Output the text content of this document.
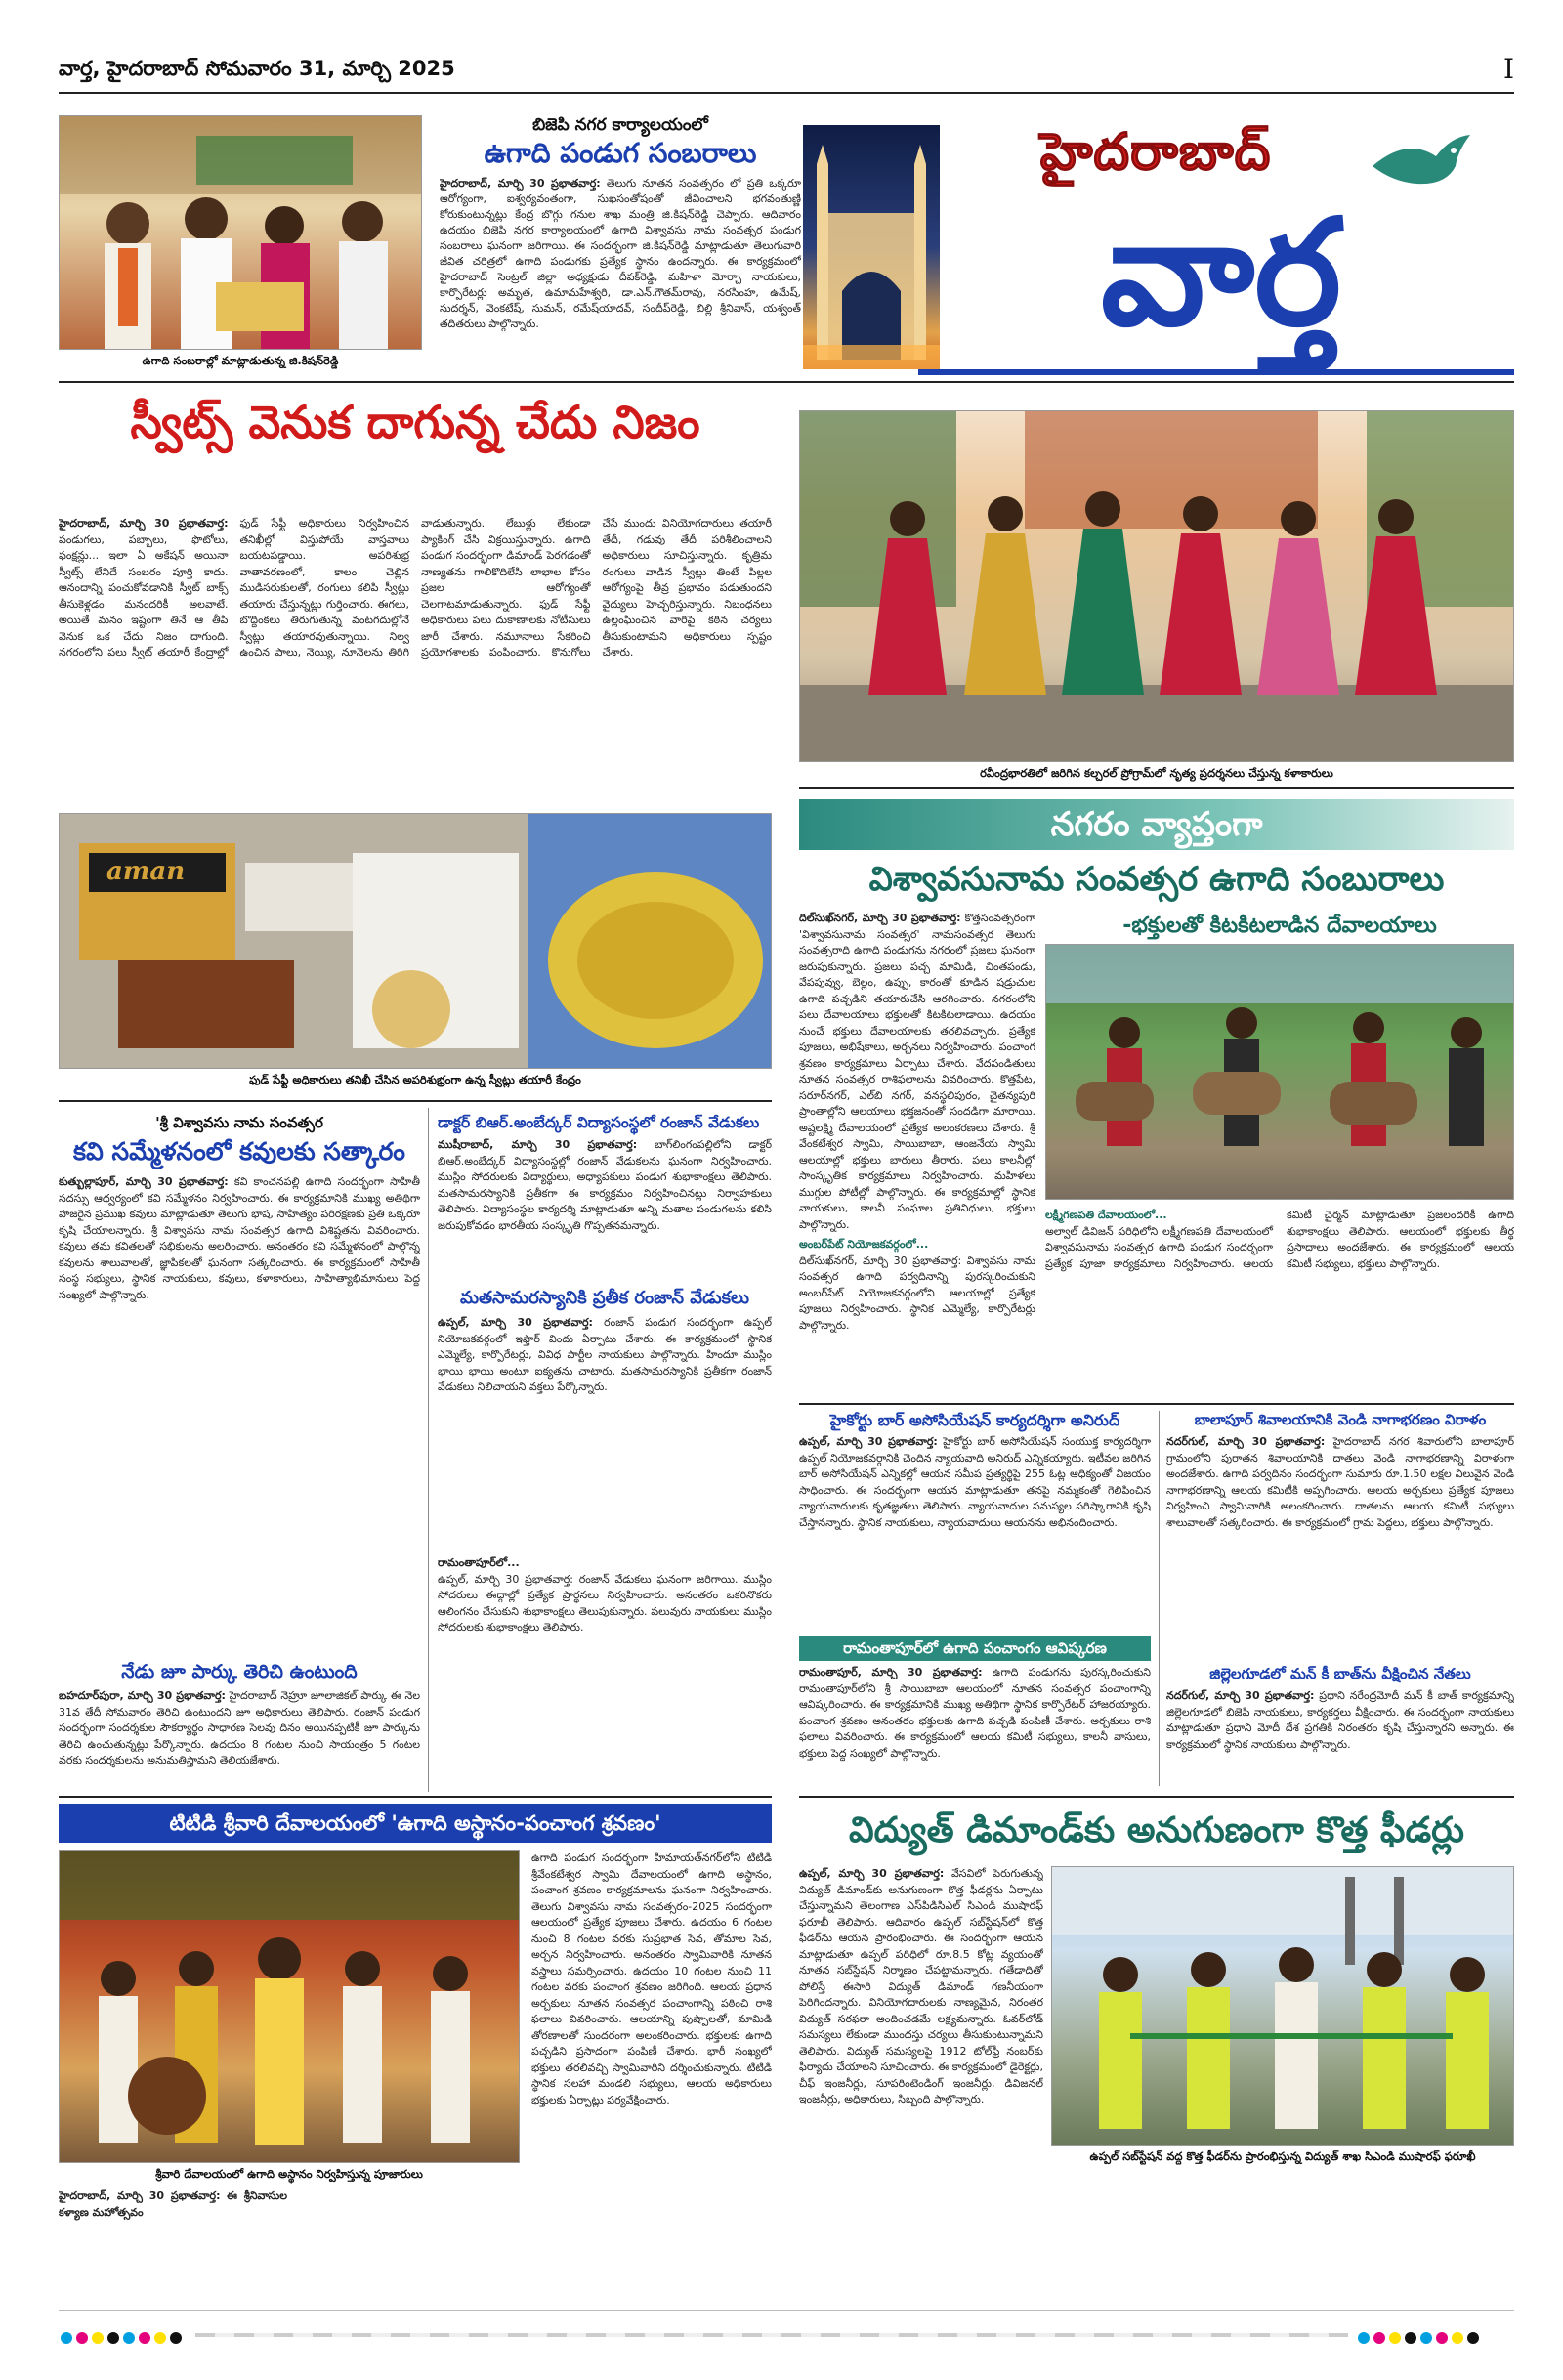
వార్త, హైదరాబాద్ సోమవారం 31, మార్చి 2025	I
ఉగాది సంబరాల్లో మాట్లాడుతున్న జి.కిషన్‌రెడ్డి
బిజెపి నగర కార్యాలయంలో
ఉగాది పండుగ సంబరాలు
హైదరాబాద్, మార్చి 30 ప్రభాతవార్త: తెలుగు నూతన సంవత్సరం లో ప్రతి ఒక్కరూ ఆరోగ్యంగా, ఐశ్వర్యవంతంగా, సుఖసంతోషంతో జీవించాలని భగవంతుణ్ణి కోరుకుంటున్నట్లు కేంద్ర బొగ్గు గనుల శాఖ మంత్రి జి.కిషన్‌రెడ్డి చెప్పారు. ఆదివారం ఉదయం బిజెపి నగర కార్యాలయంలో ఉగాది విశ్వావసు నామ సంవత్సర పండుగ సంబరాలు ఘనంగా జరిగాయి. ఈ సందర్భంగా జి.కిషన్‌రెడ్డి మాట్లాడుతూ తెలుగువారి జీవిత చరిత్రలో ఉగాది పండుగకు ప్రత్యేక స్థానం ఉందన్నారు. ఈ కార్యక్రమంలో హైదరాబాద్ సెంట్రల్ జిల్లా అధ్యక్షుడు దీపక్‌రెడ్డి, మహిళా మోర్చా నాయకులు, కార్పొరేటర్లు అమృత, ఉమామహేశ్వరి, డా.ఎన్.గౌతమ్‌రావు, నరసింహ, ఉమేష్, సుదర్శన్, వెంకటేష్, సుమన్, రమేష్‌యాదవ్, సందీప్‌రెడ్డి, బిల్లి శ్రీనివాస్, యశ్వంత్ తదితరులు పాల్గొన్నారు.
హైదరాబాద్
వార్త
స్వీట్స్ వెనుక దాగున్న చేదు నిజం
హైదరాబాద్, మార్చి 30 ప్రభాతవార్త: పండుగలు, పబ్బాలు, ఫొటోలు, ఫంక్షన్లు... ఇలా ఏ అకేషన్ అయినా స్వీట్స్ లేనిదే సంబరం పూర్తి కాదు. ఆనందాన్ని పంచుకోవడానికి స్వీట్ బాక్స్ తీసుకెళ్లడం మనందరికీ అలవాటే. అయితే మనం ఇష్టంగా తినే ఆ తీపి వెనుక ఒక చేదు నిజం దాగుంది. నగరంలోని పలు స్వీట్ తయారీ కేంద్రాల్లో ఫుడ్ సేఫ్టీ అధికారులు నిర్వహించిన తనిఖీల్లో విస్తుపోయే వాస్తవాలు బయటపడ్డాయి. అపరిశుభ్ర వాతావరణంలో, కాలం చెల్లిన ముడిసరుకులతో, రంగులు కలిపి స్వీట్లు తయారు చేస్తున్నట్లు గుర్తించారు. ఈగలు, బొద్దింకలు తిరుగుతున్న వంటగదుల్లోనే స్వీట్లు తయారవుతున్నాయి. నిల్వ ఉంచిన పాలు, నెయ్యి, నూనెలను తిరిగి వాడుతున్నారు. లేబుళ్లు లేకుండా ప్యాకింగ్ చేసి విక్రయిస్తున్నారు. ఉగాది పండుగ సందర్భంగా డిమాండ్ పెరగడంతో నాణ్యతను గాలికొదిలేసి లాభాల కోసం ప్రజల ఆరోగ్యంతో చెలగాటమాడుతున్నారు. ఫుడ్ సేఫ్టీ అధికారులు పలు దుకాణాలకు నోటీసులు జారీ చేశారు. నమూనాలు సేకరించి ప్రయోగశాలకు పంపించారు. కొనుగోలు చేసే ముందు వినియోగదారులు తయారీ తేదీ, గడువు తేదీ పరిశీలించాలని అధికారులు సూచిస్తున్నారు. కృత్రిమ రంగులు వాడిన స్వీట్లు తింటే పిల్లల ఆరోగ్యంపై తీవ్ర ప్రభావం పడుతుందని వైద్యులు హెచ్చరిస్తున్నారు. నిబంధనలు ఉల్లంఘించిన వారిపై కఠిన చర్యలు తీసుకుంటామని అధికారులు స్పష్టం చేశారు.
aman
ఫుడ్ సేఫ్టీ అధికారులు తనిఖీ చేసిన అపరిశుభ్రంగా ఉన్న స్వీట్లు తయారీ కేంద్రం
రవీంద్రభారతిలో జరిగిన కల్చరల్ ప్రోగ్రామ్‌లో నృత్య ప్రదర్శనలు చేస్తున్న కళాకారులు
నగరం వ్యాప్తంగా
విశ్వావసునామ సంవత్సర ఉగాది సంబురాలు
దిల్‌సుఖ్‌నగర్, మార్చి 30 ప్రభాతవార్త: కొత్తసంవత్సరంగా 'విశ్వావసునామ సంవత్సర' నామసంవత్సర తెలుగు సంవత్సరాది ఉగాది పండుగను నగరంలో ప్రజలు ఘనంగా జరుపుకున్నారు. ప్రజలు పచ్చ మామిడి, చింతపండు, వేపపువ్వు, బెల్లం, ఉప్పు, కారంతో కూడిన షడ్రుచుల ఉగాది పచ్చడిని తయారుచేసి ఆరగించారు. నగరంలోని పలు దేవాలయాలు భక్తులతో కిటకిటలాడాయి. ఉదయం నుంచే భక్తులు దేవాలయాలకు తరలివచ్చారు. ప్రత్యేక పూజలు, అభిషేకాలు, అర్చనలు నిర్వహించారు. పంచాంగ శ్రవణం కార్యక్రమాలు ఏర్పాటు చేశారు. వేదపండితులు నూతన సంవత్సర రాశిఫలాలను వివరించారు. కొత్తపేట, సరూర్‌నగర్, ఎల్‌బి నగర్, వనస్థలిపురం, చైతన్యపురి ప్రాంతాల్లోని ఆలయాలు భక్తజనంతో సందడిగా మారాయి. అష్టలక్ష్మి దేవాలయంలో ప్రత్యేక అలంకరణలు చేశారు. శ్రీ వేంకటేశ్వర స్వామి, సాయిబాబా, ఆంజనేయ స్వామి ఆలయాల్లో భక్తులు బారులు తీరారు. పలు కాలనీల్లో సాంస్కృతిక కార్యక్రమాలు నిర్వహించారు. మహిళలు ముగ్గుల పోటీల్లో పాల్గొన్నారు. ఈ కార్యక్రమాల్లో స్థానిక నాయకులు, కాలనీ సంఘాల ప్రతినిధులు, భక్తులు పాల్గొన్నారు.
అంబర్‌పేట్ నియోజకవర్గంలో...
దిల్‌సుఖ్‌నగర్, మార్చి 30 ప్రభాతవార్త: విశ్వావసు నామ సంవత్సర ఉగాది పర్వదినాన్ని పురస్కరించుకుని అంబర్‌పేట్ నియోజకవర్గంలోని ఆలయాల్లో ప్రత్యేక పూజలు నిర్వహించారు. స్థానిక ఎమ్మెల్యే, కార్పొరేటర్లు పాల్గొన్నారు.
-భక్తులతో కిటకిటలాడిన దేవాలయాలు
లక్ష్మీగణపతి దేవాలయంలో...
అల్వాల్ డివిజన్ పరిధిలోని లక్ష్మీగణపతి దేవాలయంలో విశ్వావసునామ సంవత్సర ఉగాది పండుగ సందర్భంగా ప్రత్యేక పూజా కార్యక్రమాలు నిర్వహించారు. ఆలయ కమిటీ చైర్మన్ మాట్లాడుతూ ప్రజలందరికీ ఉగాది శుభాకాంక్షలు తెలిపారు. ఆలయంలో భక్తులకు తీర్థ ప్రసాదాలు అందజేశారు. ఈ కార్యక్రమంలో ఆలయ కమిటీ సభ్యులు, భక్తులు పాల్గొన్నారు.
'శ్రీ విశ్వావసు నామ సంవత్సర
కవి సమ్మేళనంలో కవులకు సత్కారం
కుత్బుల్లాపూర్, మార్చి 30 ప్రభాతవార్త: కవి కాంచనపల్లి ఉగాది సందర్భంగా సాహితీ సదస్సు ఆధ్వర్యంలో కవి సమ్మేళనం నిర్వహించారు. ఈ కార్యక్రమానికి ముఖ్య అతిథిగా హాజరైన ప్రముఖ కవులు మాట్లాడుతూ తెలుగు భాష, సాహిత్యం పరిరక్షణకు ప్రతి ఒక్కరూ కృషి చేయాలన్నారు. శ్రీ విశ్వావసు నామ సంవత్సర ఉగాది విశిష్టతను వివరించారు. కవులు తమ కవితలతో సభికులను అలరించారు. అనంతరం కవి సమ్మేళనంలో పాల్గొన్న కవులను శాలువాలతో, జ్ఞాపికలతో ఘనంగా సత్కరించారు. ఈ కార్యక్రమంలో సాహితీ సంస్థ సభ్యులు, స్థానిక నాయకులు, కవులు, కళాకారులు, సాహిత్యాభిమానులు పెద్ద సంఖ్యలో పాల్గొన్నారు.
నేడు జూ పార్కు తెరిచి ఉంటుంది
బహదూర్‌పురా, మార్చి 30 ప్రభాతవార్త: హైదరాబాద్ నెహ్రూ జూలాజికల్ పార్కు ఈ నెల 31వ తేదీ సోమవారం తెరిచి ఉంటుందని జూ అధికారులు తెలిపారు. రంజాన్ పండుగ సందర్భంగా సందర్శకుల సౌకర్యార్థం సాధారణ సెలవు దినం అయినప్పటికీ జూ పార్కును తెరిచి ఉంచుతున్నట్లు పేర్కొన్నారు. ఉదయం 8 గంటల నుంచి సాయంత్రం 5 గంటల వరకు సందర్శకులను అనుమతిస్తామని తెలియజేశారు.
డాక్టర్ బిఆర్.అంబేద్కర్ విద్యాసంస్థలో రంజాన్ వేడుకలు
ముషీరాబాద్, మార్చి 30 ప్రభాతవార్త: బాగ్‌లింగంపల్లిలోని డాక్టర్ బిఆర్.అంబేద్కర్ విద్యాసంస్థల్లో రంజాన్ వేడుకలను ఘనంగా నిర్వహించారు. ముస్లిం సోదరులకు విద్యార్థులు, అధ్యాపకులు పండుగ శుభాకాంక్షలు తెలిపారు. మతసామరస్యానికి ప్రతీకగా ఈ కార్యక్రమం నిర్వహించినట్లు నిర్వాహకులు తెలిపారు. విద్యాసంస్థల కార్యదర్శి మాట్లాడుతూ అన్ని మతాల పండుగలను కలిసి జరుపుకోవడం భారతీయ సంస్కృతి గొప్పతనమన్నారు.
మతసామరస్యానికి ప్రతీక రంజాన్ వేడుకలు
ఉప్పల్, మార్చి 30 ప్రభాతవార్త: రంజాన్ పండుగ సందర్భంగా ఉప్పల్ నియోజకవర్గంలో ఇఫ్తార్ విందు ఏర్పాటు చేశారు. ఈ కార్యక్రమంలో స్థానిక ఎమ్మెల్యే, కార్పొరేటర్లు, వివిధ పార్టీల నాయకులు పాల్గొన్నారు. హిందూ ముస్లిం భాయి భాయి అంటూ ఐక్యతను చాటారు. మతసామరస్యానికి ప్రతీకగా రంజాన్ వేడుకలు నిలిచాయని వక్తలు పేర్కొన్నారు.
రామంతాపూర్‌లో...
ఉప్పల్, మార్చి 30 ప్రభాతవార్త: రంజాన్ వేడుకలు ఘనంగా జరిగాయి. ముస్లిం సోదరులు ఈద్గాల్లో ప్రత్యేక ప్రార్థనలు నిర్వహించారు. అనంతరం ఒకరినొకరు ఆలింగనం చేసుకుని శుభాకాంక్షలు తెలుపుకున్నారు. పలువురు నాయకులు ముస్లిం సోదరులకు శుభాకాంక్షలు తెలిపారు.
హైకోర్టు బార్ అసోసియేషన్ కార్యదర్శిగా అనిరుద్
ఉప్పల్, మార్చి 30 ప్రభాతవార్త: హైకోర్టు బార్ అసోసియేషన్ సంయుక్త కార్యదర్శిగా ఉప్పల్ నియోజకవర్గానికి చెందిన న్యాయవాది అనిరుద్ ఎన్నికయ్యారు. ఇటీవల జరిగిన బార్ అసోసియేషన్ ఎన్నికల్లో ఆయన సమీప ప్రత్యర్థిపై 255 ఓట్ల ఆధిక్యంతో విజయం సాధించారు. ఈ సందర్భంగా ఆయన మాట్లాడుతూ తనపై నమ్మకంతో గెలిపించిన న్యాయవాదులకు కృతజ్ఞతలు తెలిపారు. న్యాయవాదుల సమస్యల పరిష్కారానికి కృషి చేస్తానన్నారు. స్థానిక నాయకులు, న్యాయవాదులు ఆయనను అభినందించారు.
రామంతాపూర్‌లో ఉగాది పంచాంగం ఆవిష్కరణ
రామంతాపూర్, మార్చి 30 ప్రభాతవార్త: ఉగాది పండుగను పురస్కరించుకుని రామంతాపూర్‌లోని శ్రీ సాయిబాబా ఆలయంలో నూతన సంవత్సర పంచాంగాన్ని ఆవిష్కరించారు. ఈ కార్యక్రమానికి ముఖ్య అతిథిగా స్థానిక కార్పొరేటర్ హాజరయ్యారు. పంచాంగ శ్రవణం అనంతరం భక్తులకు ఉగాది పచ్చడి పంపిణీ చేశారు. అర్చకులు రాశి ఫలాలు వివరించారు. ఈ కార్యక్రమంలో ఆలయ కమిటీ సభ్యులు, కాలనీ వాసులు, భక్తులు పెద్ద సంఖ్యలో పాల్గొన్నారు.
బాలాపూర్ శివాలయానికి వెండి నాగాభరణం విరాళం
నదర్‌గుల్, మార్చి 30 ప్రభాతవార్త: హైదరాబాద్ నగర శివారులోని బాలాపూర్ గ్రామంలోని పురాతన శివాలయానికి దాతలు వెండి నాగాభరణాన్ని విరాళంగా అందజేశారు. ఉగాది పర్వదినం సందర్భంగా సుమారు రూ.1.50 లక్షల విలువైన వెండి నాగాభరణాన్ని ఆలయ కమిటీకి అప్పగించారు. ఆలయ అర్చకులు ప్రత్యేక పూజలు నిర్వహించి స్వామివారికి అలంకరించారు. దాతలను ఆలయ కమిటీ సభ్యులు శాలువాలతో సత్కరించారు. ఈ కార్యక్రమంలో గ్రామ పెద్దలు, భక్తులు పాల్గొన్నారు.
జిల్లెలగూడలో మన్ కీ బాత్‌ను వీక్షించిన నేతలు
నదర్‌గుల్, మార్చి 30 ప్రభాతవార్త: ప్రధాని నరేంద్రమోదీ మన్ కీ బాత్ కార్యక్రమాన్ని జిల్లెలగూడలో బిజెపి నాయకులు, కార్యకర్తలు వీక్షించారు. ఈ సందర్భంగా నాయకులు మాట్లాడుతూ ప్రధాని మోదీ దేశ ప్రగతికి నిరంతరం కృషి చేస్తున్నారని అన్నారు. ఈ కార్యక్రమంలో స్థానిక నాయకులు పాల్గొన్నారు.
టిటిడి శ్రీవారి దేవాలయంలో 'ఉగాది అస్థానం-పంచాంగ శ్రవణం'
శ్రీవారి దేవాలయంలో ఉగాది అస్థానం నిర్వహిస్తున్న పూజారులు
ఉగాది పండుగ సందర్భంగా హిమాయత్‌నగర్‌లోని టిటిడి శ్రీవేంకటేశ్వర స్వామి దేవాలయంలో ఉగాది అస్థానం, పంచాంగ శ్రవణం కార్యక్రమాలను ఘనంగా నిర్వహించారు. తెలుగు విశ్వావసు నామ సంవత్సరం-2025 సందర్భంగా ఆలయంలో ప్రత్యేక పూజలు చేశారు. ఉదయం 6 గంటల నుంచి 8 గంటల వరకు సుప్రభాత సేవ, తోమాల సేవ, అర్చన నిర్వహించారు. అనంతరం స్వామివారికి నూతన వస్త్రాలు సమర్పించారు. ఉదయం 10 గంటల నుంచి 11 గంటల వరకు పంచాంగ శ్రవణం జరిగింది. ఆలయ ప్రధాన అర్చకులు నూతన సంవత్సర పంచాంగాన్ని పఠించి రాశి ఫలాలు వివరించారు. ఆలయాన్ని పుష్పాలతో, మామిడి తోరణాలతో సుందరంగా అలంకరించారు. భక్తులకు ఉగాది పచ్చడిని ప్రసాదంగా పంపిణీ చేశారు. భారీ సంఖ్యలో భక్తులు తరలివచ్చి స్వామివారిని దర్శించుకున్నారు. టిటిడి స్థానిక సలహా మండలి సభ్యులు, ఆలయ అధికారులు భక్తులకు ఏర్పాట్లు పర్యవేక్షించారు.
హైదరాబాద్, మార్చి 30 ప్రభాతవార్త: ఈ శ్రీనివాసుల కళ్యాణ మహోత్సవం
విద్యుత్ డిమాండ్‌కు అనుగుణంగా కొత్త ఫీడర్లు
ఉప్పల్, మార్చి 30 ప్రభాతవార్త: వేసవిలో పెరుగుతున్న విద్యుత్ డిమాండ్‌కు అనుగుణంగా కొత్త ఫీడర్లను ఏర్పాటు చేస్తున్నామని తెలంగాణ ఎస్‌పిడిసిఎల్ సిఎండి ముషారఫ్ ఫరూఖీ తెలిపారు. ఆదివారం ఉప్పల్ సబ్‌స్టేషన్‌లో కొత్త ఫీడర్‌ను ఆయన ప్రారంభించారు. ఈ సందర్భంగా ఆయన మాట్లాడుతూ ఉప్పల్ పరిధిలో రూ.8.5 కోట్ల వ్యయంతో నూతన సబ్‌స్టేషన్ నిర్మాణం చేపట్టామన్నారు. గతేడాదితో పోలిస్తే ఈసారి విద్యుత్ డిమాండ్ గణనీయంగా పెరిగిందన్నారు. వినియోగదారులకు నాణ్యమైన, నిరంతర విద్యుత్ సరఫరా అందించడమే లక్ష్యమన్నారు. ఓవర్‌లోడ్ సమస్యలు లేకుండా ముందస్తు చర్యలు తీసుకుంటున్నామని తెలిపారు. విద్యుత్ సమస్యలపై 1912 టోల్‌ఫ్రీ నంబర్‌కు ఫిర్యాదు చేయాలని సూచించారు. ఈ కార్యక్రమంలో డైరెక్టర్లు, చీఫ్ ఇంజనీర్లు, సూపరింటెండింగ్ ఇంజనీర్లు, డివిజనల్ ఇంజనీర్లు, అధికారులు, సిబ్బంది పాల్గొన్నారు.
ఉప్పల్ సబ్‌స్టేషన్ వద్ద కొత్త ఫీడర్‌ను ప్రారంభిస్తున్న విద్యుత్ శాఖ సిఎండి ముషారఫ్ ఫరూఖీ
